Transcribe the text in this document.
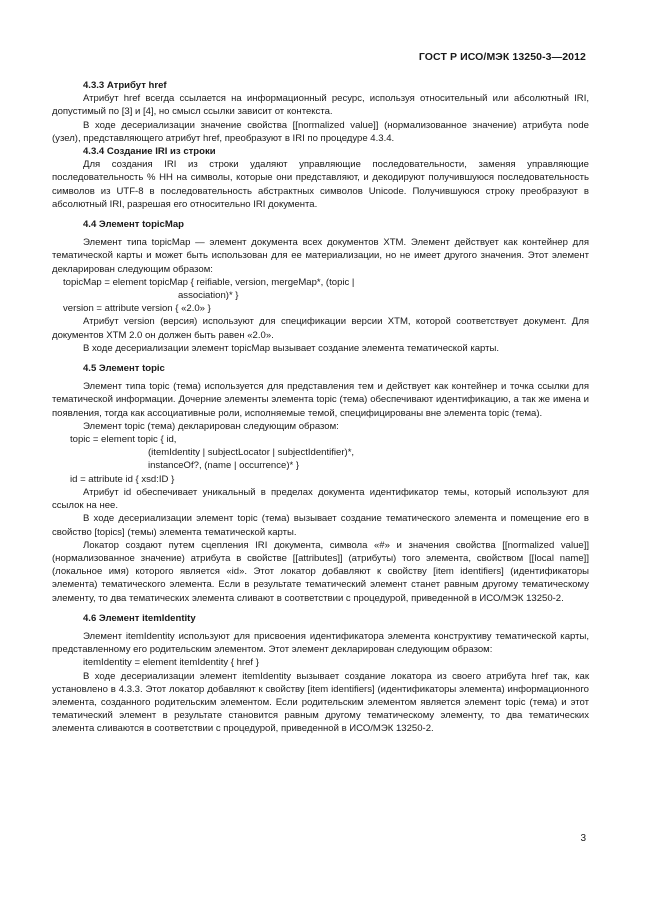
ГОСТ Р ИСО/МЭК 13250-3—2012

4.3.3 Атрибут href

Атрибут href всегда ссылается на информационный ресурс, используя относительный или абсолютный IRI, допустимый по [3] и [4], но смысл ссылки зависит от контекста.

В ходе десериализации значение свойства [[normalized value]] (нормализованное значение) атрибута node (узел), представляющего атрибут href, преобразуют в IRI по процедуре 4.3.4.

4.3.4 Создание IRI из строки

Для создания IRI из строки удаляют управляющие последовательности, заменяя управляющие последовательность % HH на символы, которые они представляют, и декодируют получившуюся последовательность символов из UTF-8 в последовательность абстрактных символов Unicode. Получившуюся строку преобразуют в абсолютный IRI, разрешая его относительно IRI документа.

4.4 Элемент topicMap

Элемент типа topicMap — элемент документа всех документов XTM. Элемент действует как контейнер для тематической карты и может быть использован для ее материализации, но не имеет другого значения. Этот элемент декларирован следующим образом:

topicMap = element topicMap { reifiable, version, mergeMap*, (topic |

association)* }

version = attribute version { «2.0» }

Атрибут version (версия) используют для спецификации версии XTM, которой соответствует документ. Для документов XTM 2.0 он должен быть равен «2.0».

В ходе десериализации элемент topicMap вызывает создание элемента тематической карты.

4.5 Элемент topic

Элемент типа topic (тема) используется для представления тем и действует как контейнер и точка ссылки для тематической информации. Дочерние элементы элемента topic (тема) обеспечивают идентификацию, а так же имена и появления, тогда как ассоциативные роли, исполняемые темой, специфицированы вне элемента topic (тема).

Элемент topic (тема) декларирован следующим образом:

topic = element topic { id,

(itemIdentity | subjectLocator | subjectIdentifier)*,

instanceOf?, (name | occurrence)* }

id = attribute id { xsd:ID }

Атрибут id обеспечивает уникальный в пределах документа идентификатор темы, который используют для ссылок на нее.

В ходе десериализации элемент topic (тема) вызывает создание тематического элемента и помещение его в свойство [topics] (темы) элемента тематической карты.

Локатор создают путем сцепления IRI документа, символа «#» и значения свойства [[normalized value]] (нормализованное значение) атрибута в свойстве [[attributes]] (атрибуты) того элемента, свойством [[local name]] (локальное имя) которого является «id». Этот локатор добавляют к свойству [item identifiers] (идентификаторы элемента) тематического элемента. Если в результате тематический элемент станет равным другому тематическому элементу, то два тематических элемента сливают в соответствии с процедурой, приведенной в ИСО/МЭК 13250-2.

4.6 Элемент itemIdentity

Элемент itemIdentity используют для присвоения идентификатора элемента конструктиву тематической карты, представленному его родительским элементом. Этот элемент декларирован следующим образом:

itemIdentity = element itemIdentity { href }

В ходе десериализации элемент itemIdentity вызывает создание локатора из своего атрибута href так, как установлено в 4.3.3. Этот локатор добавляют к свойству [item identifiers] (идентификаторы элемента) информационного элемента, созданного родительским элементом. Если родительским элементом является элемент topic (тема) и этот тематический элемент в результате становится равным другому тематическому элементу, то два тематических элемента сливаются в соответствии с процедурой, приведенной в ИСО/МЭК 13250-2.

3
